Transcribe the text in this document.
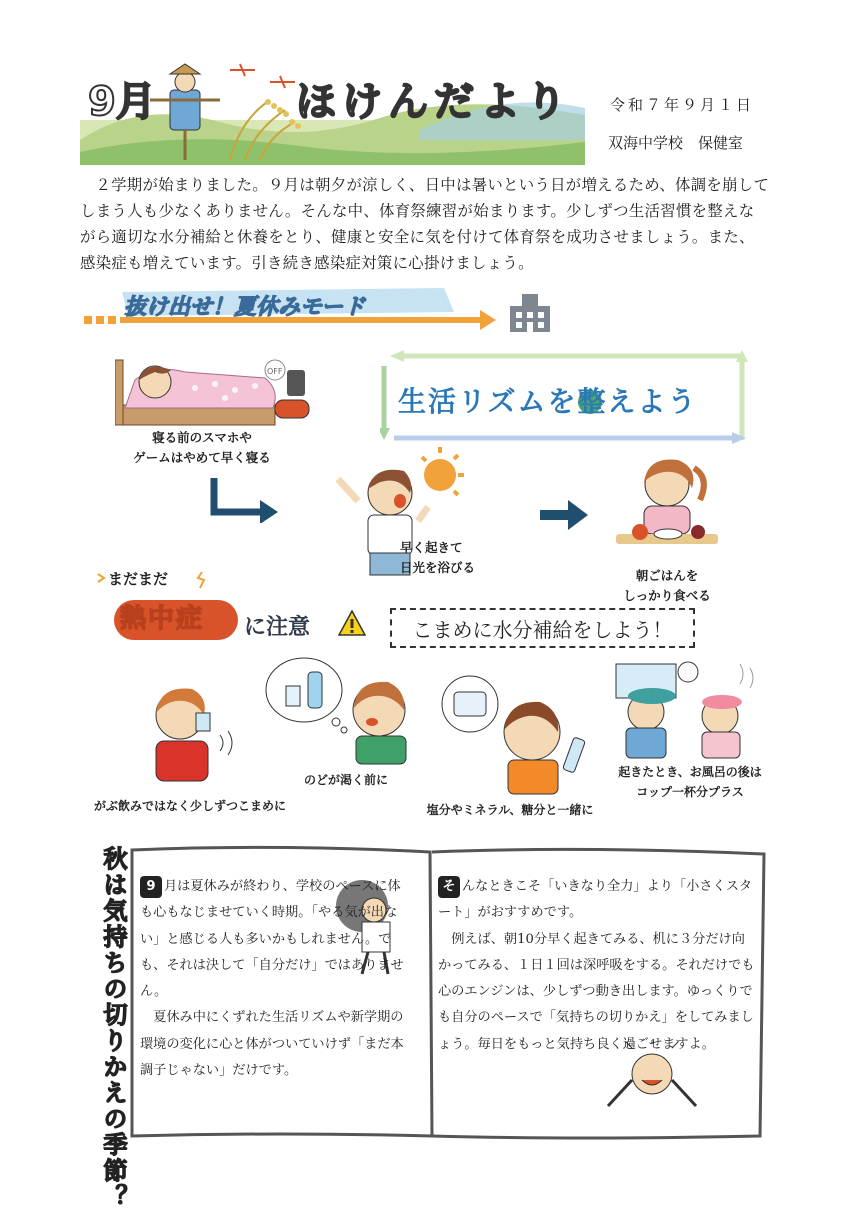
9月	ほけんだより	令和７年９月１日
双海中学校　保健室
２学期が始まりました。９月は朝夕が涼しく、日中は暑いという日が増えるため、体調を崩してしまう人も少なくありません。そんな中、体育祭練習が始まります。少しずつ生活習慣を整えながら適切な水分補給と休養をとり、健康と安全に気を付けて体育祭を成功させましょう。また、感染症も増えています。引き続き感染症対策に心掛けましょう。
抜け出せ！夏休みモード
生活リズムを整えよう
OFF
寝る前のスマホや
ゲームはやめて早く寝る
早く起きて
日光を浴びる
朝ごはんを
しっかり食べる
まだまだ
熱中症 に注意	こまめに水分補給をしよう！
がぶ飲みではなく少しずつこまめに
のどが渇く前に
塩分やミネラル、糖分と一緒に
起きたとき、お風呂の後は
コップ一杯分プラス
秋は気持ちの切りかえの季節？	9 月は夏休みが終わり、学校のペースに体も心もなじませていく時期。「やる気が出ない」と感じる人も多いかもしれません。でも、それは決して「自分だけ」ではありません。
夏休み中にくずれた生活リズムや新学期の環境の変化に心と体がついていけず「まだ本調子じゃない」だけです。
そ んなときこそ「いきなり全力」より「小さくスタート」がおすすめです。
例えば、朝10分早く起きてみる、机に３分だけ向かってみる、１日１回は深呼吸をする。それだけでも心のエンジンは、少しずつ動き出します。ゆっくりでも自分のペースで「気持ちの切りかえ」をしてみましょう。毎日をもっと気持ち良く過ごせますよ。
